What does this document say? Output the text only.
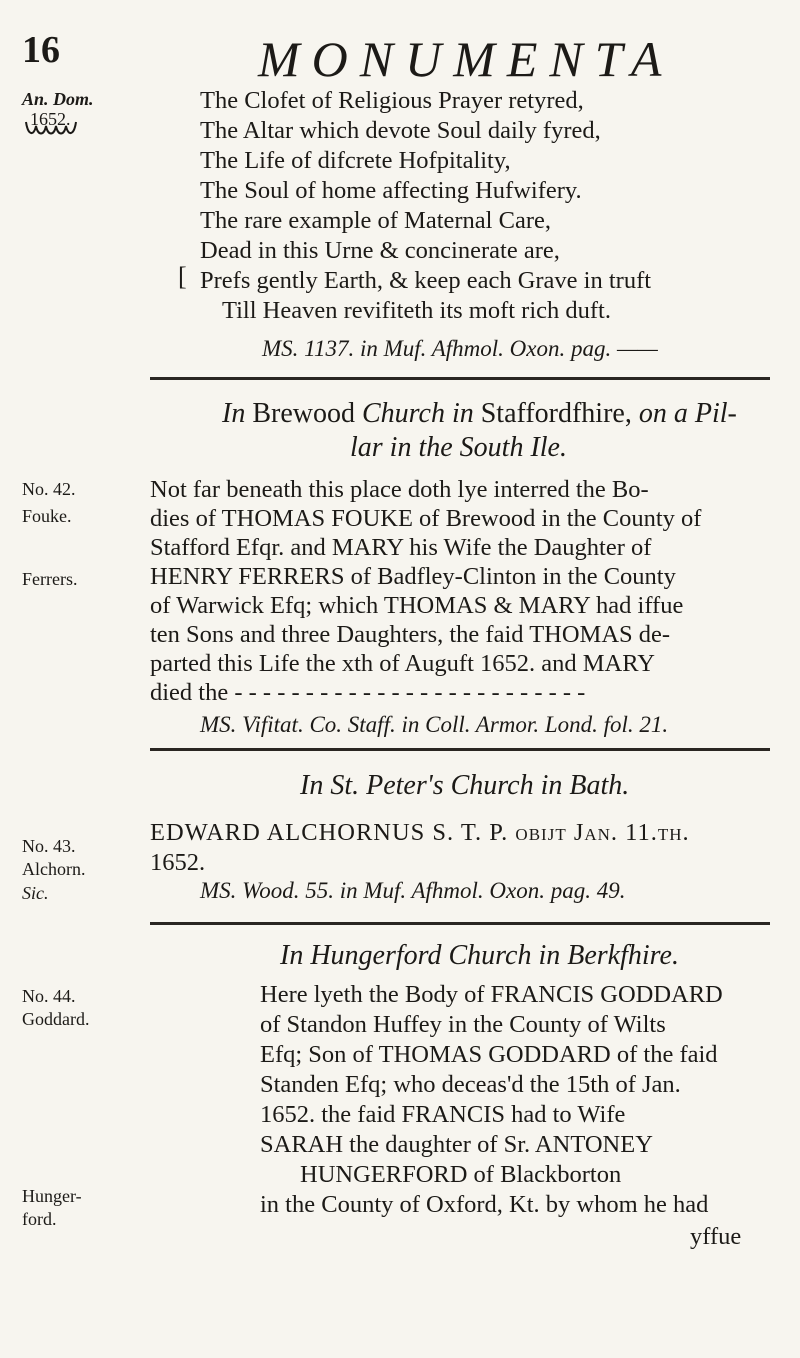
16	MONUMENTA
An. Dom.
1652.
The Clofet of Religious Prayer retyred,
The Altar which devote Soul daily fyred,
The Life of difcrete Hofpitality,
The Soul of home affecting Hufwifery.
The rare example of Maternal Care,
Dead in this Urne & concinerate are,
[ Prefs gently Earth, & keep each Grave in truft
Till Heaven revifiteth its moft rich duft.
MS. 1137. in Muf. Afhmol. Oxon. pag. ——
In Brewood Church in Staffordfhire, on a Pil-
lar in the South Ile.
No. 42.
Fouke.
Ferrers.
Not far beneath this place doth lye interred the Bo-
dies of THOMAS FOUKE of Brewood in the County of
Stafford Efqr. and MARY his Wife the Daughter of
HENRY FERRERS of Badfley-Clinton in the County
of Warwick Efq; which THOMAS & MARY had iffue
ten Sons and three Daughters, the faid THOMAS de-
parted this Life the xth of Auguft 1652. and MARY
died the - - - - - - - - - - - - - - - - - - - - - - - - -
MS. Vifitat. Co. Staff. in Coll. Armor. Lond. fol. 21.
In St. Peter's Church in Bath.
No. 43.
Alchorn.
Sic.
EDWARD ALCHORNUS S. T. P. obijt Jan. 11.th.
1652.
MS. Wood. 55. in Muf. Afhmol. Oxon. pag. 49.
In Hungerford Church in Berkfhire.
No. 44.
Goddard.
Hunger-
ford.
Here lyeth the Body of FRANCIS GODDARD
of Standon Huffey in the County of Wilts
Efq; Son of THOMAS GODDARD of the faid
Standen Efq; who deceas'd the 15th of Jan.
1652. the faid FRANCIS had to Wife
SARAH the daughter of Sr. ANTONEY
HUNGERFORD of Blackborton
in the County of Oxford, Kt. by whom he had
yffue
